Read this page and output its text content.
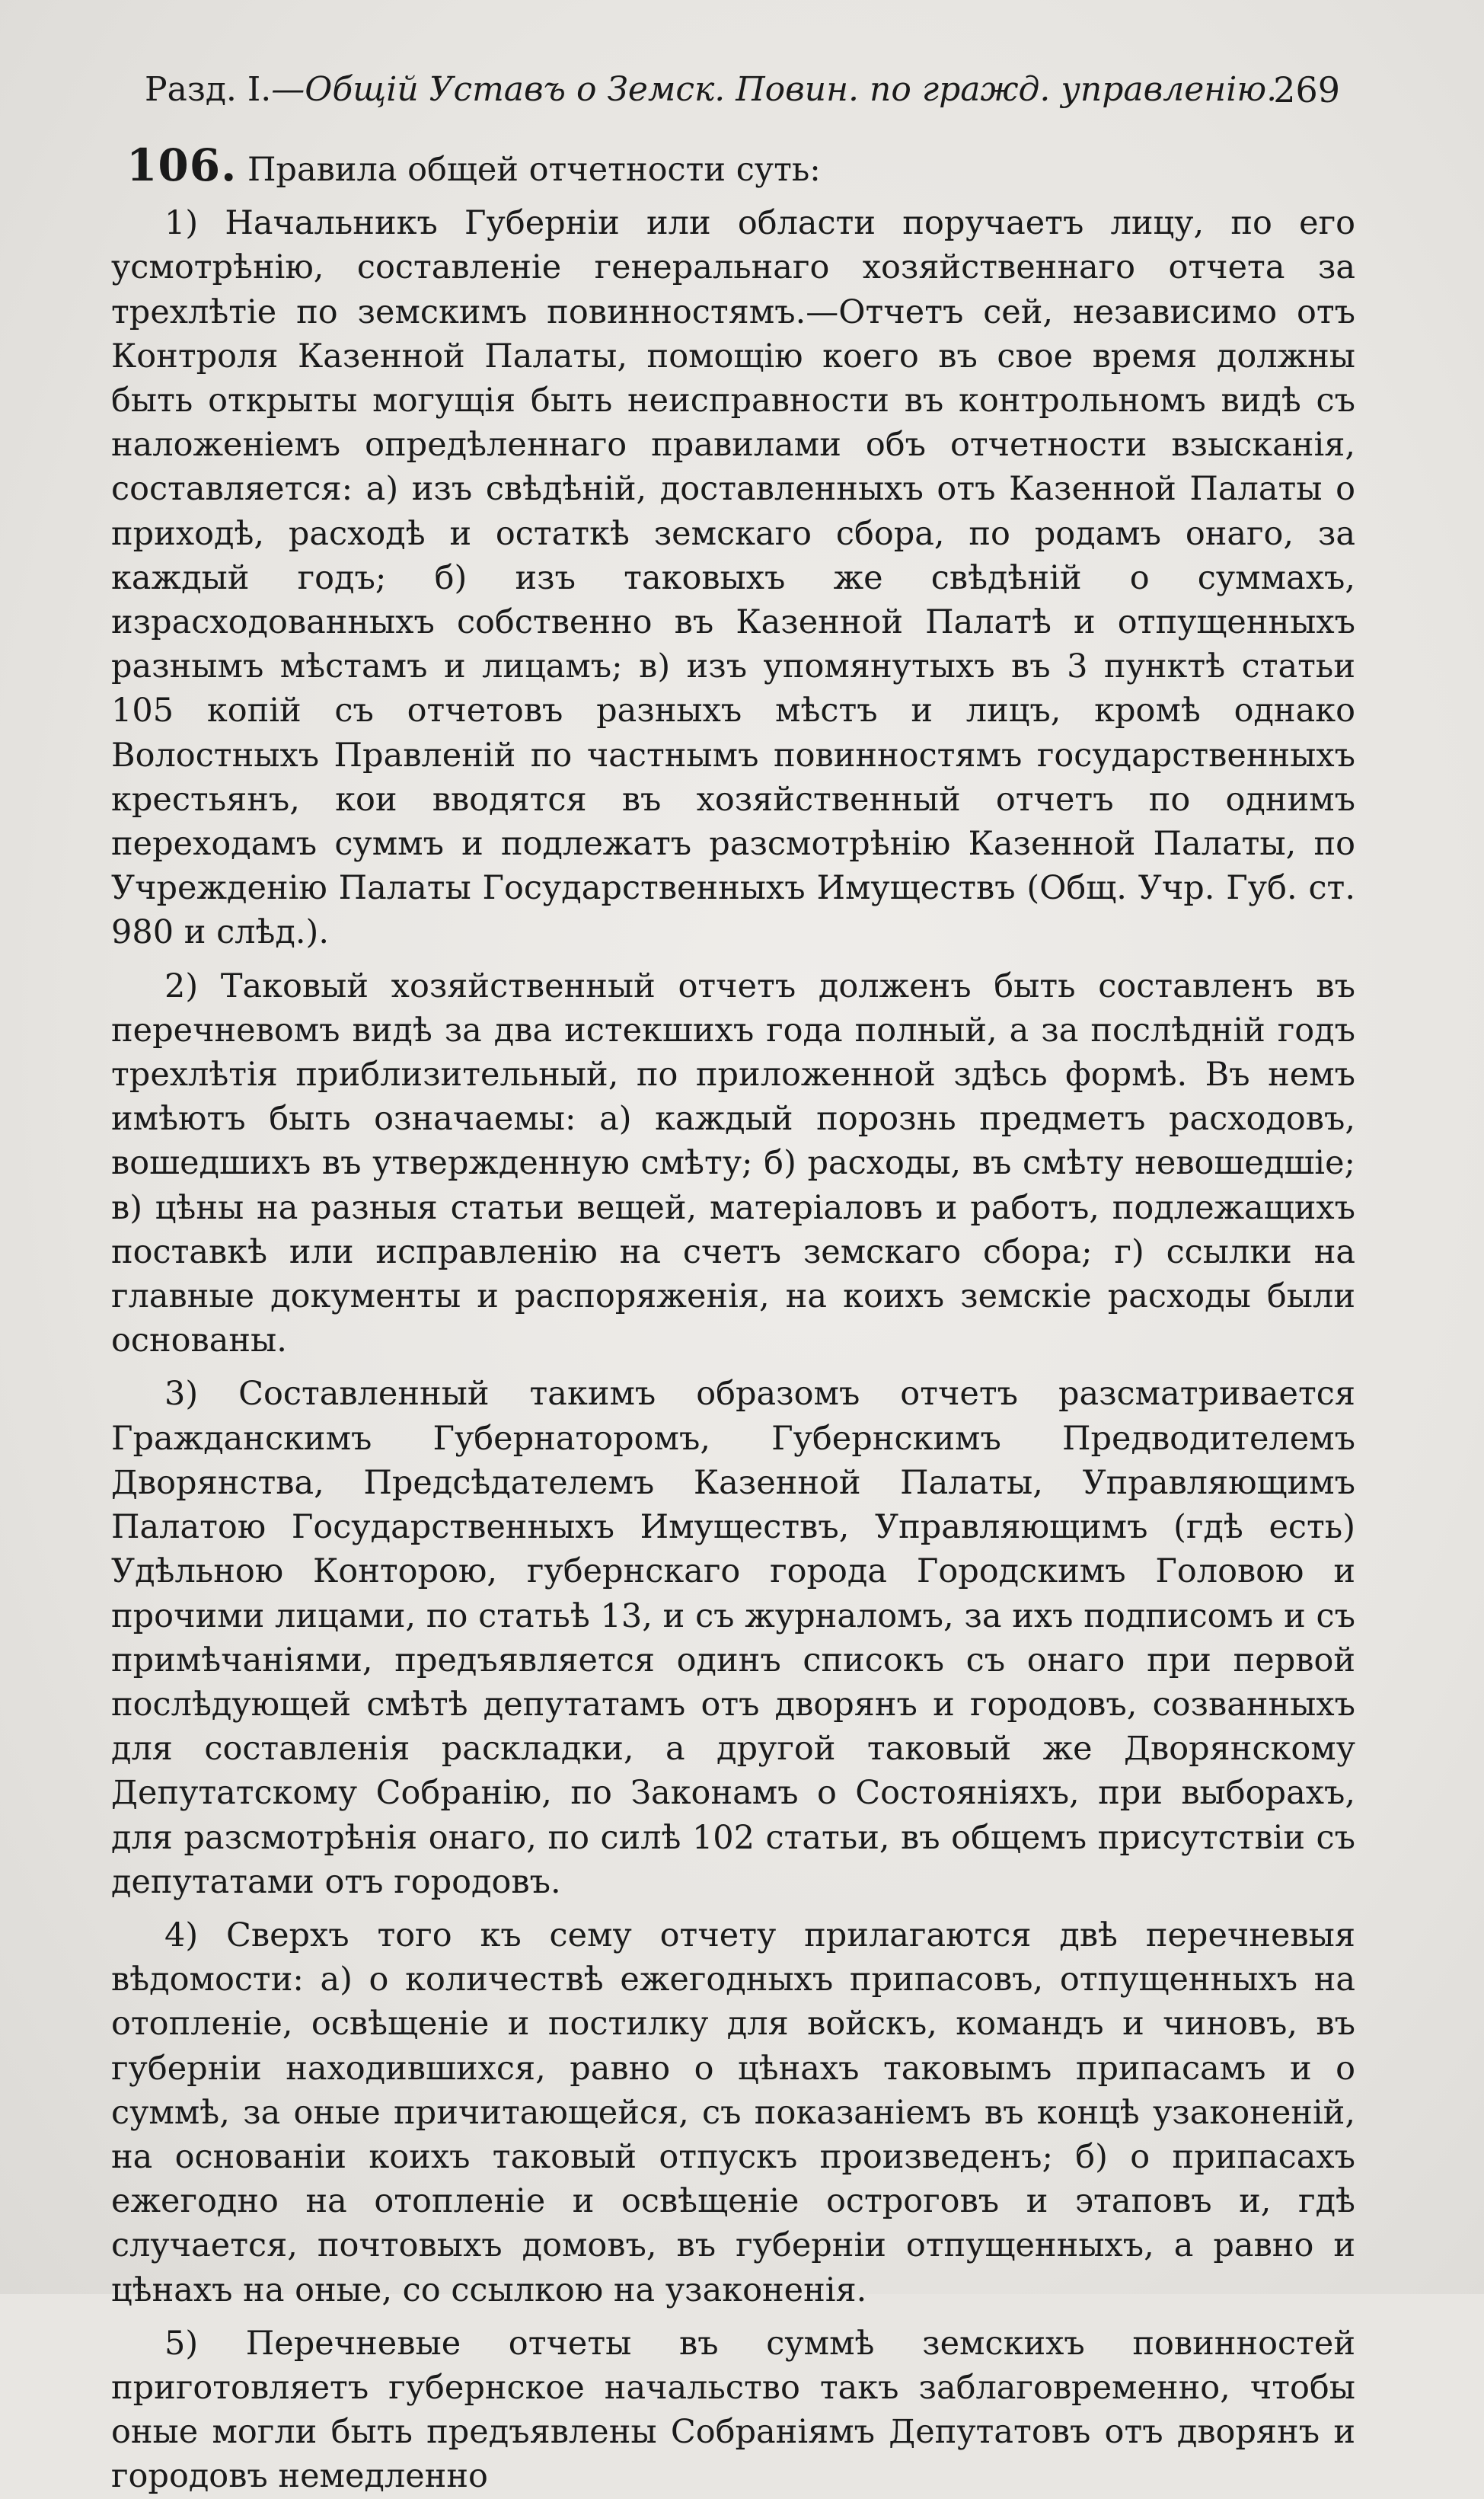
Разд. I.—Общій Уставъ о Земск. Повин. по гражд. управленію.
269

106. Правила общей отчетности суть:

1) Начальникъ Губерніи или области поручаетъ лицу, по его усмотрѣнію, составленіе генеральнаго хозяйственнаго отчета за трехлѣтіе по земскимъ повинностямъ.—Отчетъ сей, независимо отъ Контроля Казенной Палаты, помощію коего въ свое время должны быть открыты могущія быть неисправности въ контрольномъ видѣ съ наложеніемъ опредѣленнаго правилами объ отчетности взысканія, составляется: а) изъ свѣдѣній, доставленныхъ отъ Казенной Палаты о приходѣ, расходѣ и остаткѣ земскаго сбора, по родамъ онаго, за каждый годъ; б) изъ таковыхъ же свѣдѣній о суммахъ, израсходованныхъ собственно въ Казенной Палатѣ и отпущенныхъ разнымъ мѣстамъ и лицамъ; в) изъ упомянутыхъ въ 3 пунктѣ статьи 105 копій съ отчетовъ разныхъ мѣстъ и лицъ, кромѣ однако Волостныхъ Правленій по частнымъ повинностямъ государственныхъ крестьянъ, кои вводятся въ хозяйственный отчетъ по однимъ переходамъ суммъ и подлежатъ разсмотрѣнію Казенной Палаты, по Учрежденію Палаты Государственныхъ Имуществъ (Общ. Учр. Губ. ст. 980 и слѣд.).

2) Таковый хозяйственный отчетъ долженъ быть составленъ въ перечневомъ видѣ за два истекшихъ года полный, а за послѣдній годъ трехлѣтія приблизительный, по приложенной здѣсь формѣ. Въ немъ имѣютъ быть означаемы: а) каждый порознь предметъ расходовъ, вошедшихъ въ утвержденную смѣту; б) расходы, въ смѣту невошедшіе; в) цѣны на разныя статьи вещей, матеріаловъ и работъ, подлежащихъ поставкѣ или исправленію на счетъ земскаго сбора; г) ссылки на главные документы и распоряженія, на коихъ земскіе расходы были основаны.

3) Составленный такимъ образомъ отчетъ разсматривается Гражданскимъ Губернаторомъ, Губернскимъ Предводителемъ Дворянства, Предсѣдателемъ Казенной Палаты, Управляющимъ Палатою Государственныхъ Имуществъ, Управляющимъ (гдѣ есть) Удѣльною Конторою, губернскаго города Городскимъ Головою и прочими лицами, по статьѣ 13, и съ журналомъ, за ихъ подписомъ и съ примѣчаніями, предъявляется одинъ списокъ съ онаго при первой послѣдующей смѣтѣ депутатамъ отъ дворянъ и городовъ, созванныхъ для составленія раскладки, а другой таковый же Дворянскому Депутатскому Собранію, по Законамъ о Состояніяхъ, при выборахъ, для разсмотрѣнія онаго, по силѣ 102 статьи, въ общемъ присутствіи съ депутатами отъ городовъ.

4) Сверхъ того къ сему отчету прилагаются двѣ перечневыя вѣдомости: а) о количествѣ ежегодныхъ припасовъ, отпущенныхъ на отопленіе, освѣщеніе и постилку для войскъ, командъ и чиновъ, въ губерніи находившихся, равно о цѣнахъ таковымъ припасамъ и о суммѣ, за оные причитающейся, съ показаніемъ въ концѣ узаконеній, на основаніи коихъ таковый отпускъ произведенъ; б) о припасахъ ежегодно на отопленіе и освѣщеніе остроговъ и этаповъ и, гдѣ случается, почтовыхъ домовъ, въ губерніи отпущенныхъ, а равно и цѣнахъ на оные, со ссылкою на узаконенія.

5) Перечневые отчеты въ суммѣ земскихъ повинностей приготовляетъ губернское начальство такъ заблаговременно, чтобы оные могли быть предъявлены Собраніямъ Депутатовъ отъ дворянъ и городовъ немедленно
